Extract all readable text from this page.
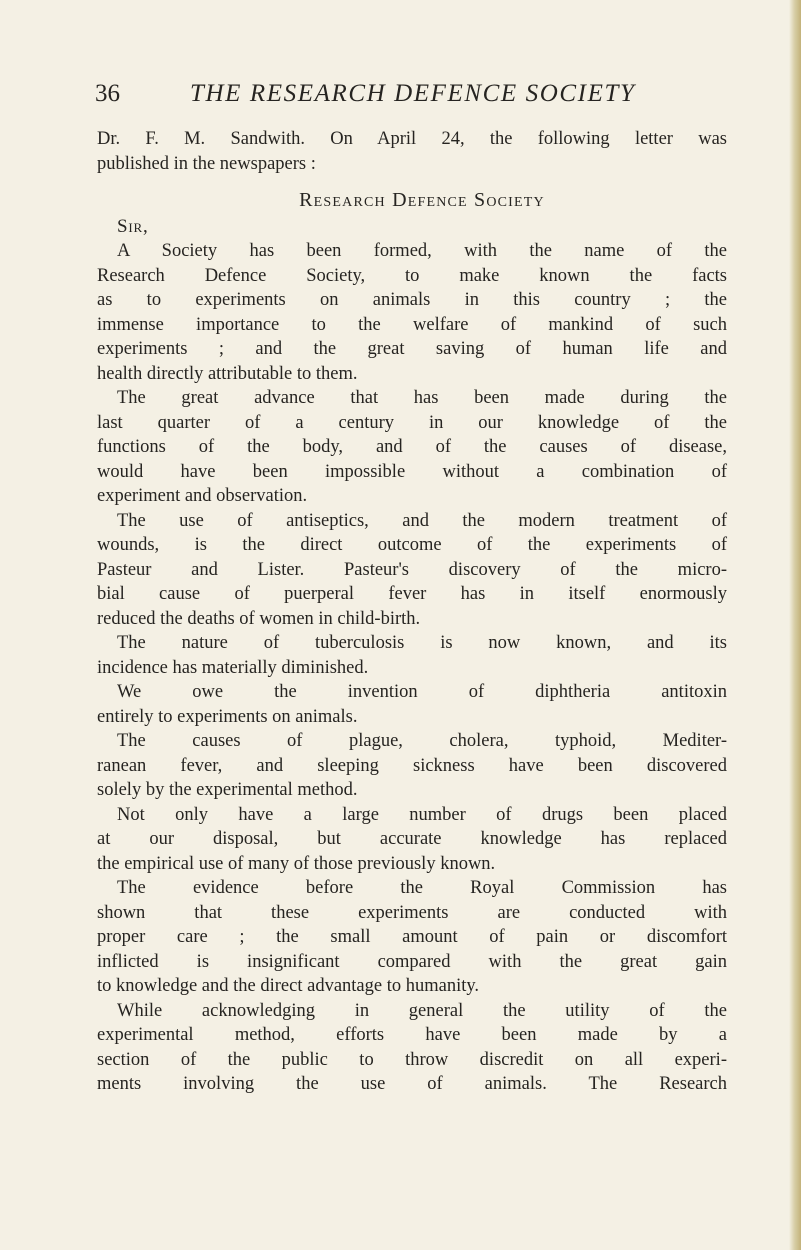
36	THE RESEARCH DEFENCE SOCIETY
Dr. F. M. Sandwith. On April 24, the following letter was
published in the newspapers :
Research Defence Society
Sir,
A Society has been formed, with the name of the
Research Defence Society, to make known the facts
as to experiments on animals in this country ; the
immense importance to the welfare of mankind of such
experiments ; and the great saving of human life and
health directly attributable to them.
The great advance that has been made during the
last quarter of a century in our knowledge of the
functions of the body, and of the causes of disease,
would have been impossible without a combination of
experiment and observation.
The use of antiseptics, and the modern treatment of
wounds, is the direct outcome of the experiments of
Pasteur and Lister. Pasteur's discovery of the micro-
bial cause of puerperal fever has in itself enormously
reduced the deaths of women in child-birth.
The nature of tuberculosis is now known, and its
incidence has materially diminished.
We owe the invention of diphtheria antitoxin
entirely to experiments on animals.
The causes of plague, cholera, typhoid, Mediter-
ranean fever, and sleeping sickness have been discovered
solely by the experimental method.
Not only have a large number of drugs been placed
at our disposal, but accurate knowledge has replaced
the empirical use of many of those previously known.
The evidence before the Royal Commission has
shown that these experiments are conducted with
proper care ; the small amount of pain or discomfort
inflicted is insignificant compared with the great gain
to knowledge and the direct advantage to humanity.
While acknowledging in general the utility of the
experimental method, efforts have been made by a
section of the public to throw discredit on all experi-
ments involving the use of animals. The Research
